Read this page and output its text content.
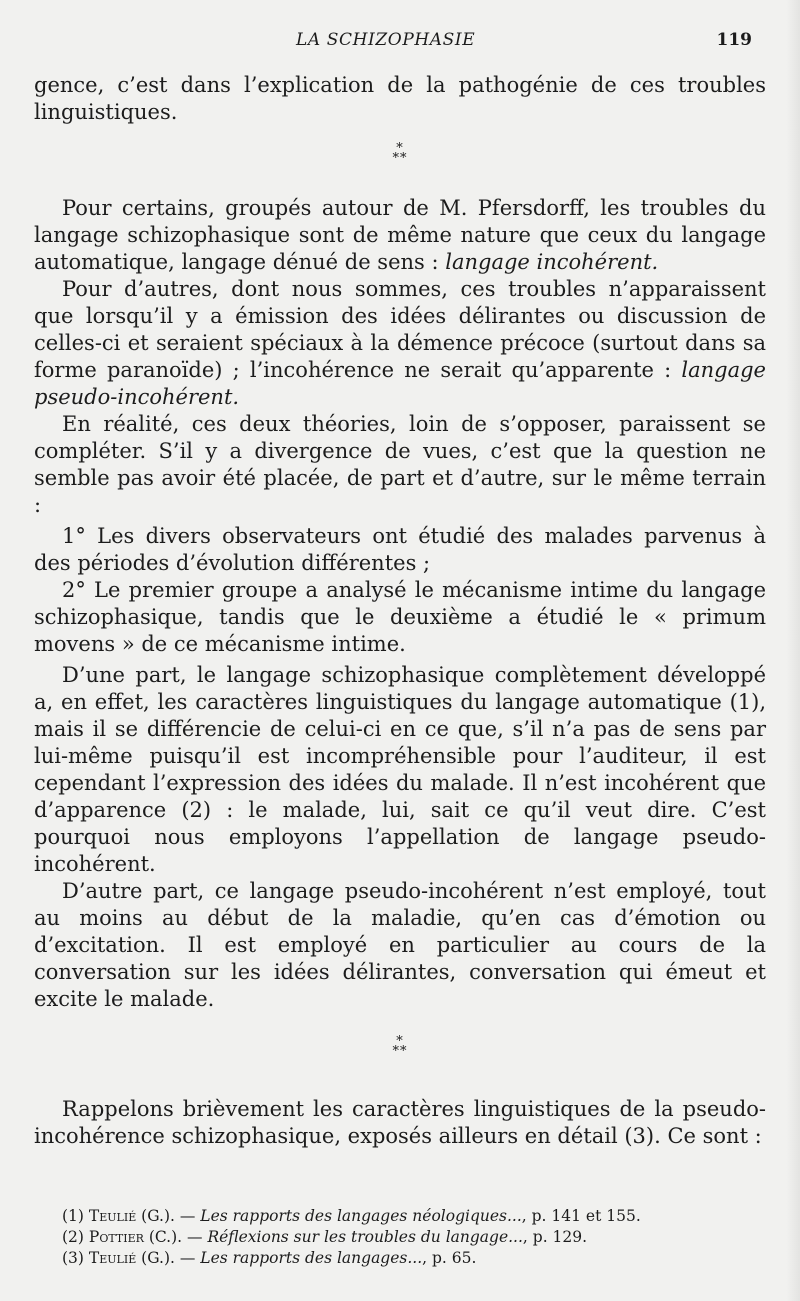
LA SCHIZOPHASIE	119

gence, c’est dans l’explication de la pathogénie de ces troubles linguistiques.

*
**

Pour certains, groupés autour de M. Pfersdorff, les troubles du langage schizophasique sont de même nature que ceux du langage automatique, langage dénué de sens : langage incohérent.

Pour d’autres, dont nous sommes, ces troubles n’apparaissent que lorsqu’il y a émission des idées délirantes ou discussion de celles-ci et seraient spéciaux à la démence précoce (surtout dans sa forme paranoïde) ; l’incohérence ne serait qu’apparente : langage pseudo-incohérent.

En réalité, ces deux théories, loin de s’opposer, paraissent se compléter. S’il y a divergence de vues, c’est que la question ne semble pas avoir été placée, de part et d’autre, sur le même terrain :

1° Les divers observateurs ont étudié des malades parvenus à des périodes d’évolution différentes ;

2° Le premier groupe a analysé le mécanisme intime du langage schizophasique, tandis que le deuxième a étudié le « primum movens » de ce mécanisme intime.

D’une part, le langage schizophasique complètement développé a, en effet, les caractères linguistiques du langage automatique (1), mais il se différencie de celui-ci en ce que, s’il n’a pas de sens par lui-même puisqu’il est incompréhensible pour l’auditeur, il est cependant l’expression des idées du malade. Il n’est incohérent que d’apparence (2) : le malade, lui, sait ce qu’il veut dire. C’est pourquoi nous employons l’appellation de langage pseudo-incohérent.

D’autre part, ce langage pseudo-incohérent n’est employé, tout au moins au début de la maladie, qu’en cas d’émotion ou d’excitation. Il est employé en particulier au cours de la conversation sur les idées délirantes, conversation qui émeut et excite le malade.

*
**

Rappelons brièvement les caractères linguistiques de la pseudo-incohérence schizophasique, exposés ailleurs en détail (3). Ce sont :

(1) Teulié (G.). — Les rapports des langages néologiques..., p. 141 et 155.
(2) Pottier (C.). — Réflexions sur les troubles du langage..., p. 129.
(3) Teulié (G.). — Les rapports des langages..., p. 65.
